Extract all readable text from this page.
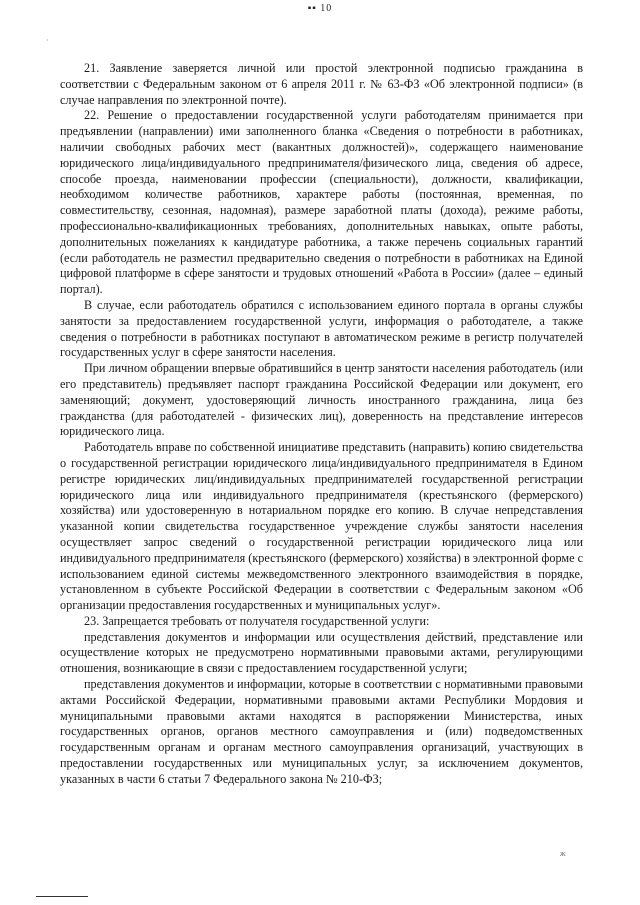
▪▪ 10
·

21. Заявление заверяется личной или простой электронной подписью гражданина в соответствии с Федеральным законом от 6 апреля 2011 г. № 63-ФЗ «Об электронной подписи» (в случае направления по электронной почте).

22. Решение о предоставлении государственной услуги работодателям принимается при предъявлении (направлении) ими заполненного бланка «Сведения о потребности в работниках, наличии свободных рабочих мест (вакантных должностей)», содержащего наименование юридического лица/индивидуального предпринимателя/физического лица, сведения об адресе, способе проезда, наименовании профессии (специальности), должности, квалификации, необходимом количестве работников, характере работы (постоянная, временная, по совместительству, сезонная, надомная), размере заработной платы (дохода), режиме работы, профессионально-квалификационных требованиях, дополнительных навыках, опыте работы, дополнительных пожеланиях к кандидатуре работника, а также перечень социальных гарантий (если работодатель не разместил предварительно сведения о потребности в работниках на Единой цифровой платформе в сфере занятости и трудовых отношений «Работа в России» (далее – единый портал).

В случае, если работодатель обратился с использованием единого портала в органы службы занятости за предоставлением государственной услуги, информация о работодателе, а также сведения о потребности в работниках поступают в автоматическом режиме в регистр получателей государственных услуг в сфере занятости населения.

При личном обращении впервые обратившийся в центр занятости населения работодатель (или его представитель) предъявляет паспорт гражданина Российской Федерации или документ, его заменяющий; документ, удостоверяющий личность иностранного гражданина, лица без гражданства (для работодателей - физических лиц), доверенность на представление интересов юридического лица.

Работодатель вправе по собственной инициативе представить (направить) копию свидетельства о государственной регистрации юридического лица/индивидуального предпринимателя в Едином регистре юридических лиц/индивидуальных предпринимателей государственной регистрации юридического лица или индивидуального предпринимателя (крестьянского (фермерского) хозяйства) или удостоверенную в нотариальном порядке его копию. В случае непредставления указанной копии свидетельства государственное учреждение службы занятости населения осуществляет запрос сведений о государственной регистрации юридического лица или индивидуального предпринимателя (крестьянского (фермерского) хозяйства) в электронной форме с использованием единой системы межведомственного электронного взаимодействия в порядке, установленном в субъекте Российской Федерации в соответствии с Федеральным законом «Об организации предоставления государственных и муниципальных услуг».

23. Запрещается требовать от получателя государственной услуги:

представления документов и информации или осуществления действий, представление или осуществление которых не предусмотрено нормативными правовыми актами, регулирующими отношения, возникающие в связи с предоставлением государственной услуги;

представления документов и информации, которые в соответствии с нормативными правовыми актами Российской Федерации, нормативными правовыми актами Республики Мордовия и муниципальными правовыми актами находятся в распоряжении Министерства, иных государственных органов, органов местного самоуправления и (или) подведомственных государственным органам и органам местного самоуправления организаций, участвующих в предоставлении государственных или муниципальных услуг, за исключением документов, указанных в части 6 статьи 7 Федерального закона № 210-ФЗ;

ж
